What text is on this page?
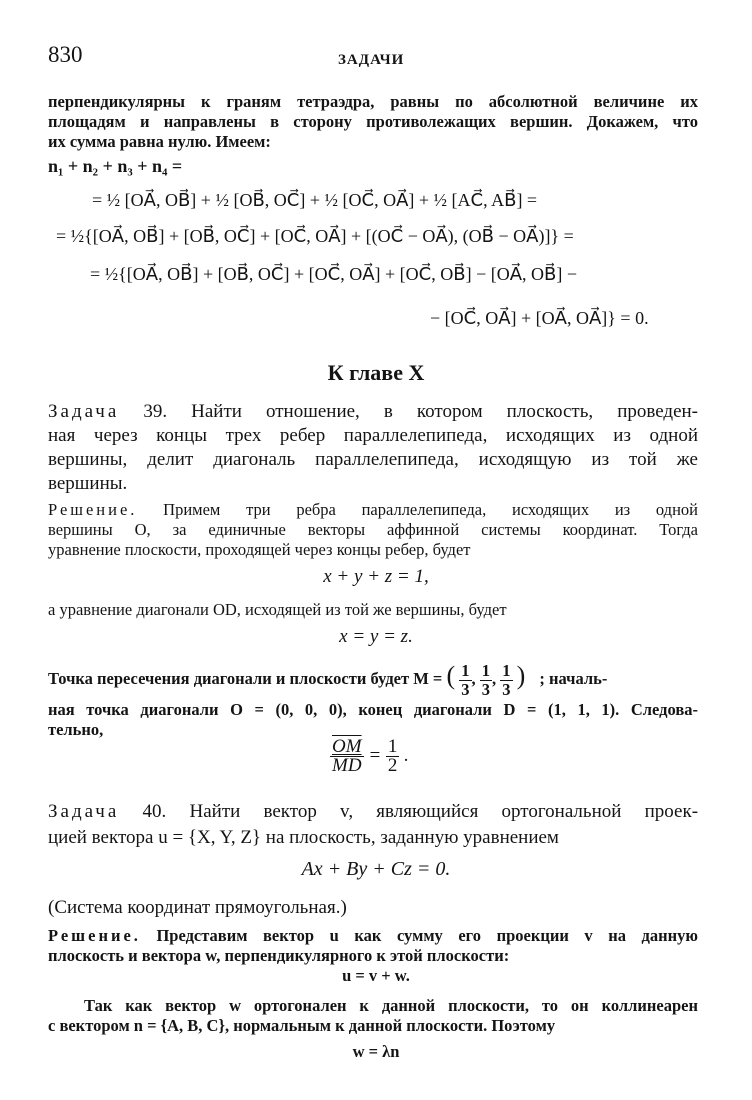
830	ЗАДАЧИ
перпендикулярны к граням тетраэдра, равны по абсолютной величине их
площадям и направлены в сторону противолежащих вершин. Докажем, что
их сумма равна нулю. Имеем:
n₁ + n₂ + n₃ + n₄ =
= ½ [OA⃗, OB⃗] + ½ [OB⃗, OC⃗] + ½ [OC⃗, OA⃗] + ½ [AC⃗, AB⃗] =
= ½{[OA⃗, OB⃗] + [OB⃗, OC⃗] + [OC⃗, OA⃗] + [(OC⃗ − OA⃗), (OB⃗ − OA⃗)]} =
= ½{[OA⃗, OB⃗] + [OB⃗, OC⃗] + [OC⃗, OA⃗] + [OC⃗, OB⃗] − [OA⃗, OB⃗] −
− [OC⃗, OA⃗] + [OA⃗, OA⃗]} = 0.
К главе X
Задача 39. Найти отношение, в котором плоскость, проведен-
ная через концы трех ребер параллелепипеда, исходящих из одной
вершины, делит диагональ параллелепипеда, исходящую из той же
вершины.
Решение. Примем три ребра параллелепипеда, исходящих из одной
вершины O, за единичные векторы аффинной системы координат. Тогда
уравнение плоскости, проходящей через концы ребер, будет
x + y + z = 1,
а уравнение диагонали OD, исходящей из той же вершины, будет
x = y = z.
Точка пересечения диагонали и плоскости будет M = ( $\frac{1}{3}$ , $\frac{1}{3}$ , $\frac{1}{3}$ ) ; началь-
ная точка диагонали O = (0, 0, 0), конец диагонали D = (1, 1, 1). Следова-
тельно,
$\frac{\overline{OM}}{MD} = \frac{1}{2}$ .
Задача 40. Найти вектор v, являющийся ортогональной проек-
цией вектора u = {X, Y, Z} на плоскость, заданную уравнением
Ax + By + Cz = 0.
(Система координат прямоугольная.)
Решение. Представим вектор u как сумму его проекции v на данную
плоскость и вектора w, перпендикулярного к этой плоскости:
u = v + w.
Так как вектор w ортогонален к данной плоскости, то он коллинеарен
с вектором n = {A, B, C}, нормальным к данной плоскости. Поэтому
w = λn
